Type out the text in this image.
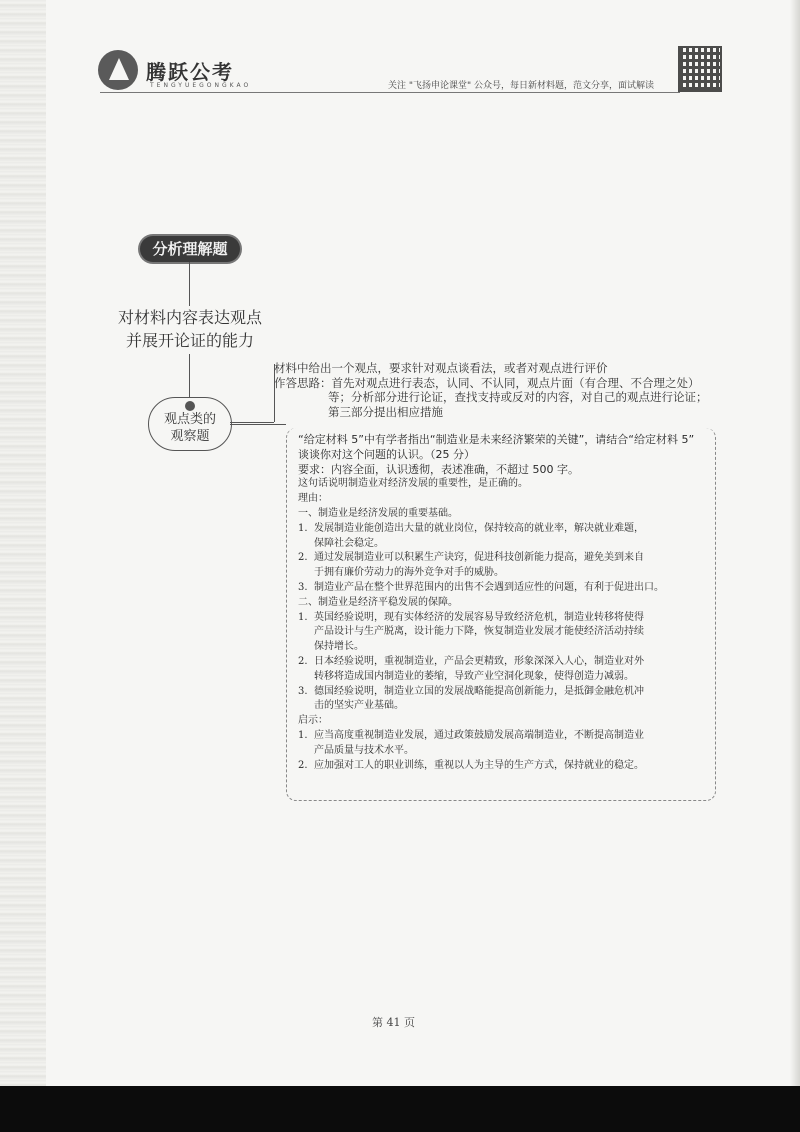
腾跃公考
TENGYUEGONGKAO	关注 "飞扬申论课堂" 公众号，每日新材料题，范文分享，面试解读
分析理解题
对材料内容表达观点
并展开论证的能力
观点类的
观察题
材料中给出一个观点，要求针对观点谈看法，或者对观点进行评价
作答思路：首先对观点进行表态，认同、不认同，观点片面（有合理、不合理之处）
等；分析部分进行论证，查找支持或反对的内容，对自己的观点进行论证；
第三部分提出相应措施

“给定材料 5”中有学者指出“制造业是未来经济繁荣的关键”，请结合“给定材料 5”

谈谈你对这个问题的认识。（25 分）

要求：内容全面，认识透彻，表述准确，不超过 500 字。

这句话说明制造业对经济发展的重要性，是正确的。

理由：

一、制造业是经济发展的重要基础。

1. 发展制造业能创造出大量的就业岗位，保持较高的就业率，解决就业难题，
保障社会稳定。
2. 通过发展制造业可以积累生产诀窍，促进科技创新能力提高，避免美到来自
于拥有廉价劳动力的海外竞争对手的威胁。
3. 制造业产品在整个世界范围内的出售不会遇到适应性的问题，有利于促进出口。

二、制造业是经济平稳发展的保障。

1. 英国经验说明，现有实体经济的发展容易导致经济危机，制造业转移将使得
产品设计与生产脱离，设计能力下降，恢复制造业发展才能使经济活动持续
保持增长。
2. 日本经验说明，重视制造业，产品会更精致，形象深深入人心，制造业对外
转移将造成国内制造业的萎缩，导致产业空洞化现象，使得创造力减弱。
3. 德国经验说明，制造业立国的发展战略能提高创新能力，是抵御金融危机冲
击的坚实产业基础。

启示：

1. 应当高度重视制造业发展，通过政策鼓励发展高端制造业，不断提高制造业
产品质量与技术水平。
2. 应加强对工人的职业训练，重视以人为主导的生产方式，保持就业的稳定。
第 41 页
